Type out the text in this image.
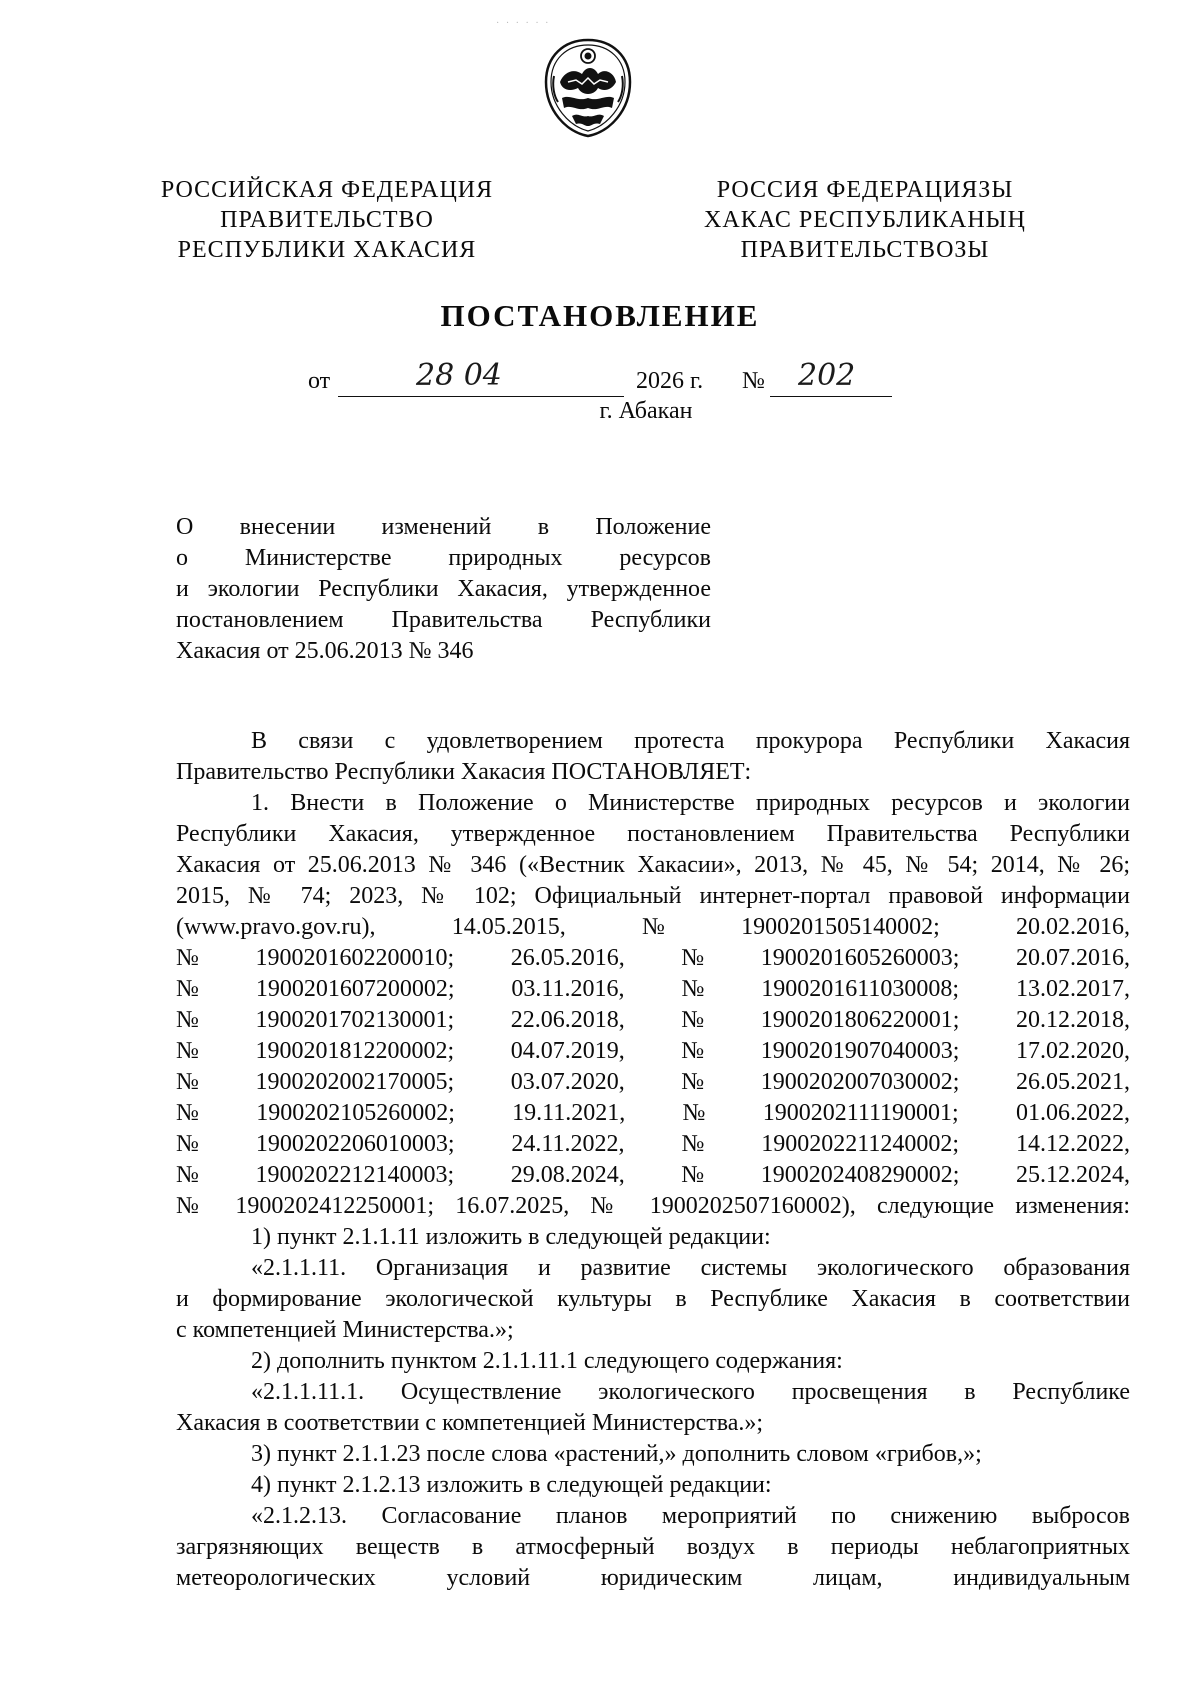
· · · · · ·
РОССИЙСКАЯ ФЕДЕРАЦИЯ
ПРАВИТЕЛЬСТВО
РЕСПУБЛИКИ ХАКАСИЯ
РОССИЯ ФЕДЕРАЦИЯЗЫ
ХАКАС РЕСПУБЛИКАНЫҢ
ПРАВИТЕЛЬСТВОЗЫ
ПОСТАНОВЛЕНИЕ
от	28 04	2026 г. № 202
г. Абакан
О внесении изменений в Положение
о Министерстве природных ресурсов
и экологии Республики Хакасия, утвержденное
постановлением Правительства Республики
Хакасия от 25.06.2013 № 346
В связи с удовлетворением протеста прокурора Республики Хакасия
Правительство Республики Хакасия ПОСТАНОВЛЯЕТ:
1. Внести в Положение о Министерстве природных ресурсов и экологии
Республики Хакасия, утвержденное постановлением Правительства Республики
Хакасия от 25.06.2013 № 346 («Вестник Хакасии», 2013, № 45, № 54; 2014, № 26;
2015, № 74; 2023, № 102; Официальный интернет-портал правовой информации
(www.pravo.gov.ru),	14.05.2015,	№	1900201505140002;	20.02.2016,
№ 1900201602200010; 26.05.2016, № 1900201605260003; 20.07.2016,
№ 1900201607200002; 03.11.2016, № 1900201611030008; 13.02.2017,
№ 1900201702130001; 22.06.2018, № 1900201806220001; 20.12.2018,
№ 1900201812200002; 04.07.2019, № 1900201907040003; 17.02.2020,
№ 1900202002170005; 03.07.2020, № 1900202007030002; 26.05.2021,
№ 1900202105260002; 19.11.2021, № 1900202111190001; 01.06.2022,
№ 1900202206010003; 24.11.2022, № 1900202211240002; 14.12.2022,
№ 1900202212140003; 29.08.2024, № 1900202408290002; 25.12.2024,
№ 1900202412250001; 16.07.2025, № 1900202507160002), следующие изменения:
1) пункт 2.1.1.11 изложить в следующей редакции:
«2.1.1.11. Организация и развитие системы экологического образования
и формирование экологической культуры в Республике Хакасия в соответствии
с компетенцией Министерства.»;
2) дополнить пунктом 2.1.1.11.1 следующего содержания:
«2.1.1.11.1. Осуществление экологического просвещения в Республике
Хакасия в соответствии с компетенцией Министерства.»;
3) пункт 2.1.1.23 после слова «растений,» дополнить словом «грибов,»;
4) пункт 2.1.2.13 изложить в следующей редакции:
«2.1.2.13. Согласование планов мероприятий по снижению выбросов
загрязняющих веществ в атмосферный воздух в периоды неблагоприятных
метеорологических условий юридическим лицам, индивидуальным
